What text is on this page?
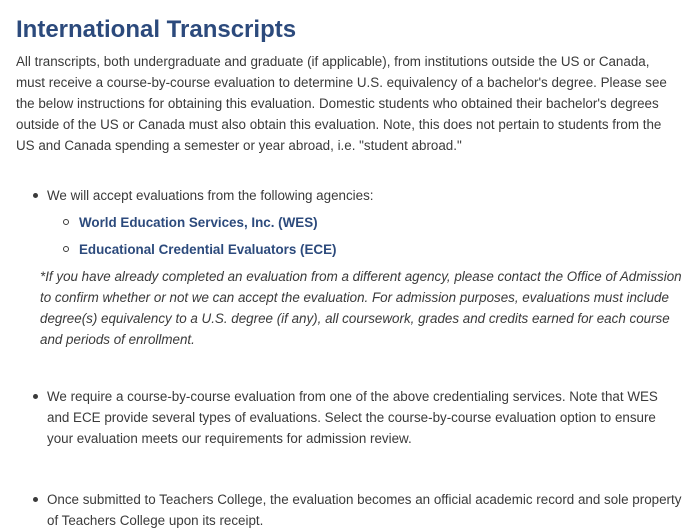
International Transcripts

All transcripts, both undergraduate and graduate (if applicable), from institutions outside the US or Canada, must receive a course-by-course evaluation to determine U.S. equivalency of a bachelor's degree. Please see the below instructions for obtaining this evaluation. Domestic students who obtained their bachelor's degrees outside of the US or Canada must also obtain this evaluation. Note, this does not pertain to students from the US and Canada spending a semester or year abroad, i.e. "student abroad."

We will accept evaluations from the following agencies:
World Education Services, Inc. (WES)
Educational Credential Evaluators (ECE)

*If you have already completed an evaluation from a different agency, please contact the Office of Admission to confirm whether or not we can accept the evaluation. For admission purposes, evaluations must include degree(s) equivalency to a U.S. degree (if any), all coursework, grades and credits earned for each course and periods of enrollment.

We require a course-by-course evaluation from one of the above credentialing services. Note that WES and ECE provide several types of evaluations. Select the course-by-course evaluation option to ensure your evaluation meets our requirements for admission review.
Once submitted to Teachers College, the evaluation becomes an official academic record and sole property of Teachers College upon its receipt.
